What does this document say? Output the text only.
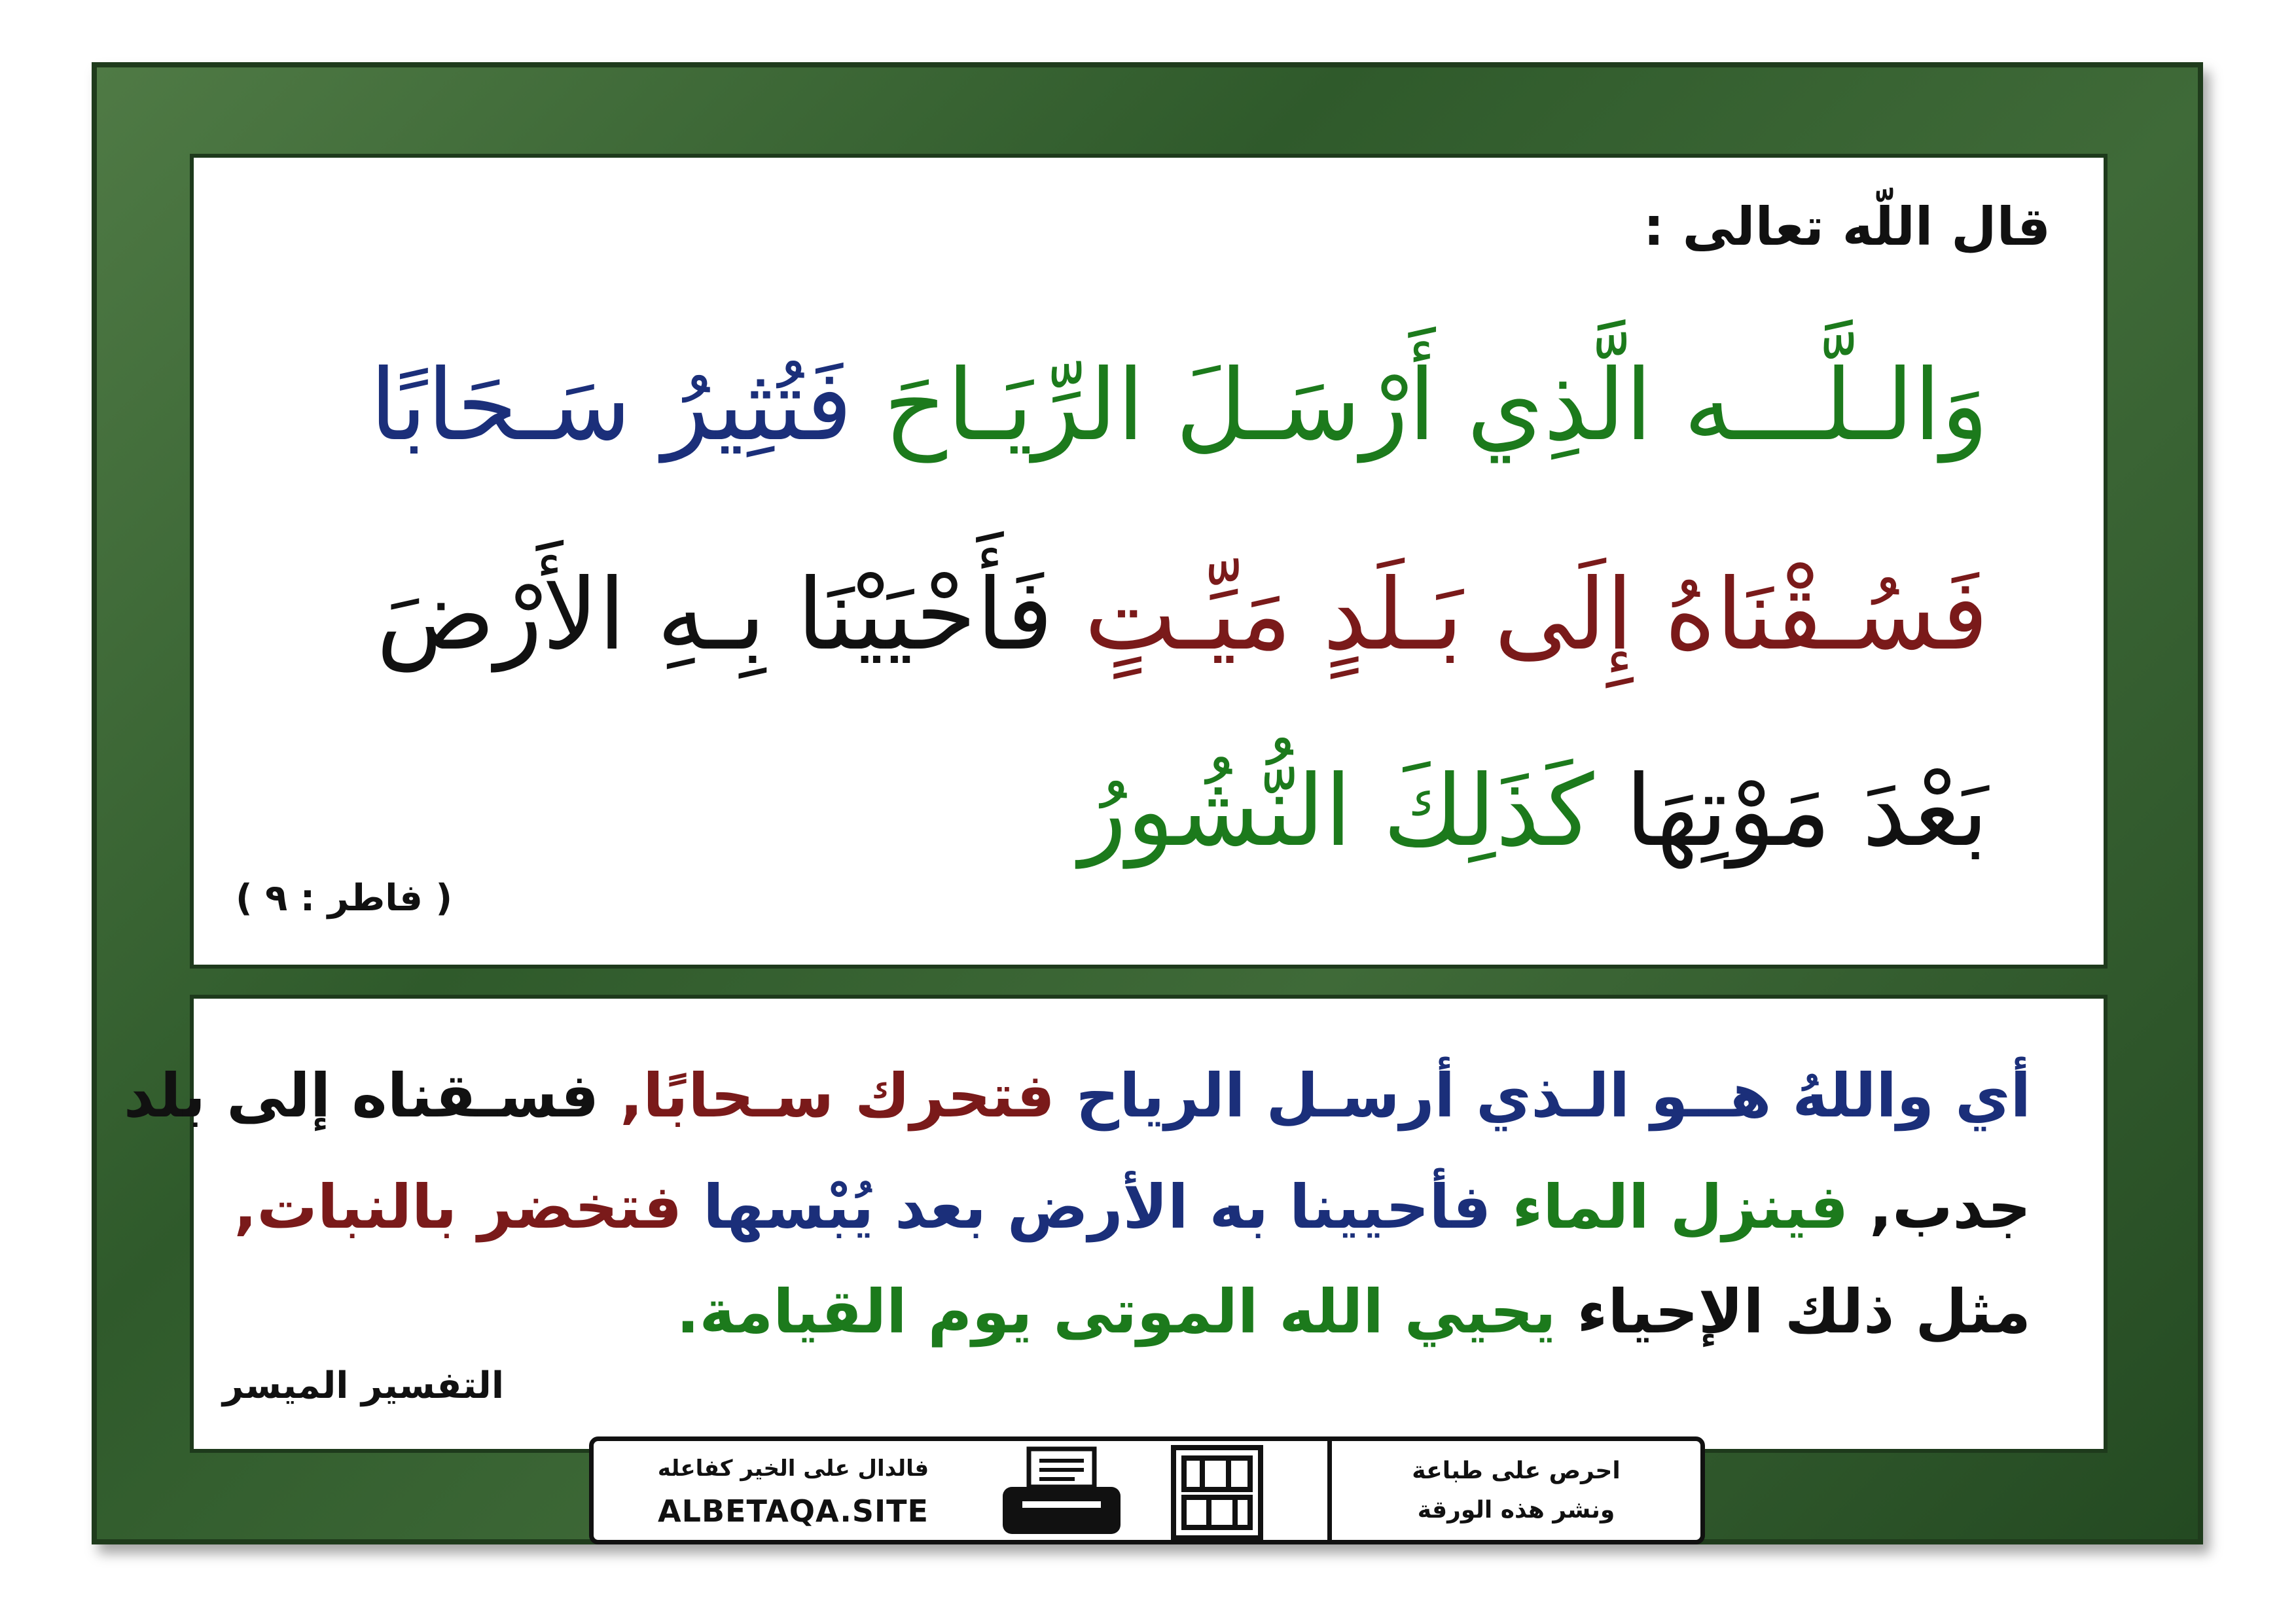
قال اللّه تعالى :
وَالـلَّـــه الَّذِي أَرْسَـلَ الرِّيَـاحَ فَتُثِيرُ سَـحَابًا
فَسُـقْنَاهُ إِلَى بَـلَدٍ مَيِّـتٍ فَأَحْيَيْنَا بِـهِ الأَرْضَ
بَعْدَ مَوْتِهَا كَذَلِكَ النُّشُورُ
( فاطر : ٩ )
أي واللهُ هــو الـذي أرسـل الرياح فتحرك سـحابًا, فسـقناه إلى بلد
جدب, فينزل الماء فأحيينا به الأرض بعد يُبْسها فتخضر بالنبات,
مثل ذلك الإحياء يحيي الله الموتى يوم القيامة.
التفسير الميسر
فالدال على الخير كفاعله
ALBETAQA.SITE
احرص على طباعة
ونشر هذه الورقة
